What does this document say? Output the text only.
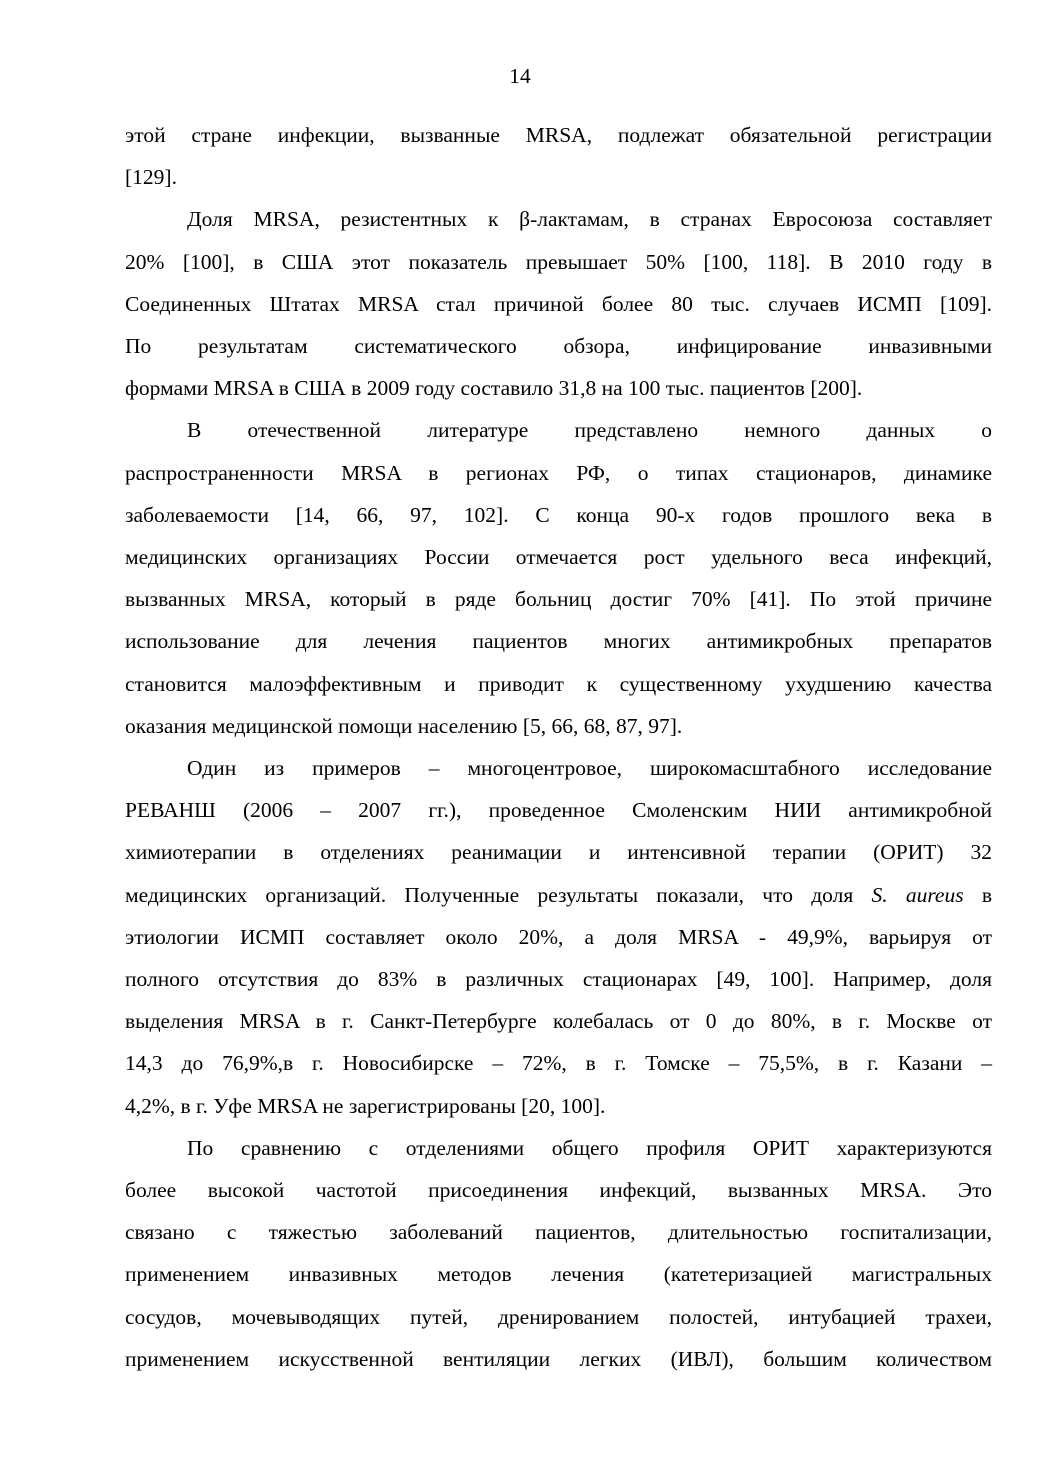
14
этой стране инфекции, вызванные MRSA, подлежат обязательной регистрации
[129].
Доля MRSA, резистентных к β-лактамам, в странах Евросоюза составляет
20% [100], в США этот показатель превышает 50% [100, 118]. В 2010 году в
Соединенных Штатах MRSA стал причиной более 80 тыс. случаев ИСМП [109].
По результатам систематического обзора, инфицирование инвазивными
формами MRSA в США в 2009 году составило 31,8 на 100 тыс. пациентов [200].
В отечественной литературе представлено немного данных о
распространенности MRSA в регионах РФ, о типах стационаров, динамике
заболеваемости [14, 66, 97, 102]. С конца 90-х годов прошлого века в
медицинских организациях России отмечается рост удельного веса инфекций,
вызванных MRSA, который в ряде больниц достиг 70% [41]. По этой причине
использование для лечения пациентов многих антимикробных препаратов
становится малоэффективным и приводит к существенному ухудшению качества
оказания медицинской помощи населению [5, 66, 68, 87, 97].
Один из примеров – многоцентровое, широкомасштабного исследование
РЕВАНШ (2006 – 2007 гг.), проведенное Смоленским НИИ антимикробной
химиотерапии в отделениях реанимации и интенсивной терапии (ОРИТ) 32
медицинских организаций. Полученные результаты показали, что доля S. aureus в
этиологии ИСМП составляет около 20%, а доля MRSA - 49,9%, варьируя от
полного отсутствия до 83% в различных стационарах [49, 100]. Например, доля
выделения MRSA в г. Санкт-Петербурге колебалась от 0 до 80%, в г. Москве от
14,3 до 76,9%,в г. Новосибирске – 72%, в г. Томске – 75,5%, в г. Казани –
4,2%, в г. Уфе MRSA не зарегистрированы [20, 100].
По сравнению с отделениями общего профиля ОРИТ характеризуются
более высокой частотой присоединения инфекций, вызванных MRSA. Это
связано с тяжестью заболеваний пациентов, длительностью госпитализации,
применением инвазивных методов лечения (катетеризацией магистральных
сосудов, мочевыводящих путей, дренированием полостей, интубацией трахеи,
применением искусственной вентиляции легких (ИВЛ), большим количеством
